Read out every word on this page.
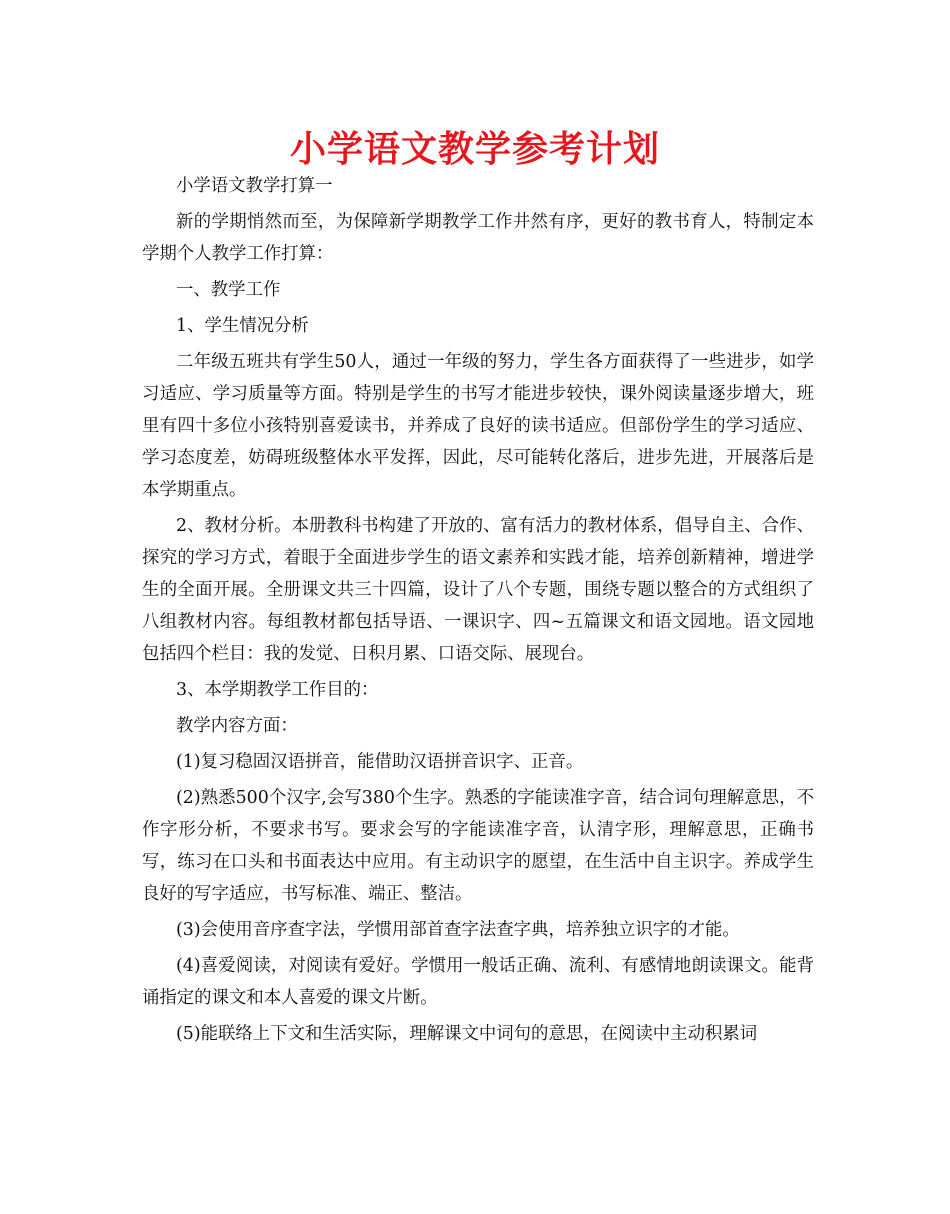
小学语文教学参考计划

小学语文教学打算一

新的学期悄然而至，为保障新学期教学工作井然有序，更好的教书育人，特制定本学期个人教学工作打算：

一、教学工作

1、学生情况分析

二年级五班共有学生50人，通过一年级的努力，学生各方面获得了一些进步，如学习适应、学习质量等方面。特别是学生的书写才能进步较快，课外阅读量逐步增大，班里有四十多位小孩特别喜爱读书，并养成了良好的读书适应。但部份学生的学习适应、学习态度差，妨碍班级整体水平发挥，因此，尽可能转化落后，进步先进，开展落后是本学期重点。

2、教材分析。本册教科书构建了开放的、富有活力的教材体系，倡导自主、合作、探究的学习方式，着眼于全面进步学生的语文素养和实践才能，培养创新精神，增进学生的全面开展。全册课文共三十四篇，设计了八个专题，围绕专题以整合的方式组织了八组教材内容。每组教材都包括导语、一课识字、四~五篇课文和语文园地。语文园地包括四个栏目：我的发觉、日积月累、口语交际、展现台。

3、本学期教学工作目的：

教学内容方面：

(1)复习稳固汉语拼音，能借助汉语拼音识字、正音。

(2)熟悉500个汉字,会写380个生字。熟悉的字能读准字音，结合词句理解意思，不作字形分析，不要求书写。要求会写的字能读准字音，认清字形，理解意思，正确书写，练习在口头和书面表达中应用。有主动识字的愿望，在生活中自主识字。养成学生良好的写字适应，书写标准、端正、整洁。

(3)会使用音序查字法，学惯用部首查字法查字典，培养独立识字的才能。

(4)喜爱阅读，对阅读有爱好。学惯用一般话正确、流利、有感情地朗读课文。能背诵指定的课文和本人喜爱的课文片断。

(5)能联络上下文和生活实际，理解课文中词句的意思，在阅读中主动积累词
